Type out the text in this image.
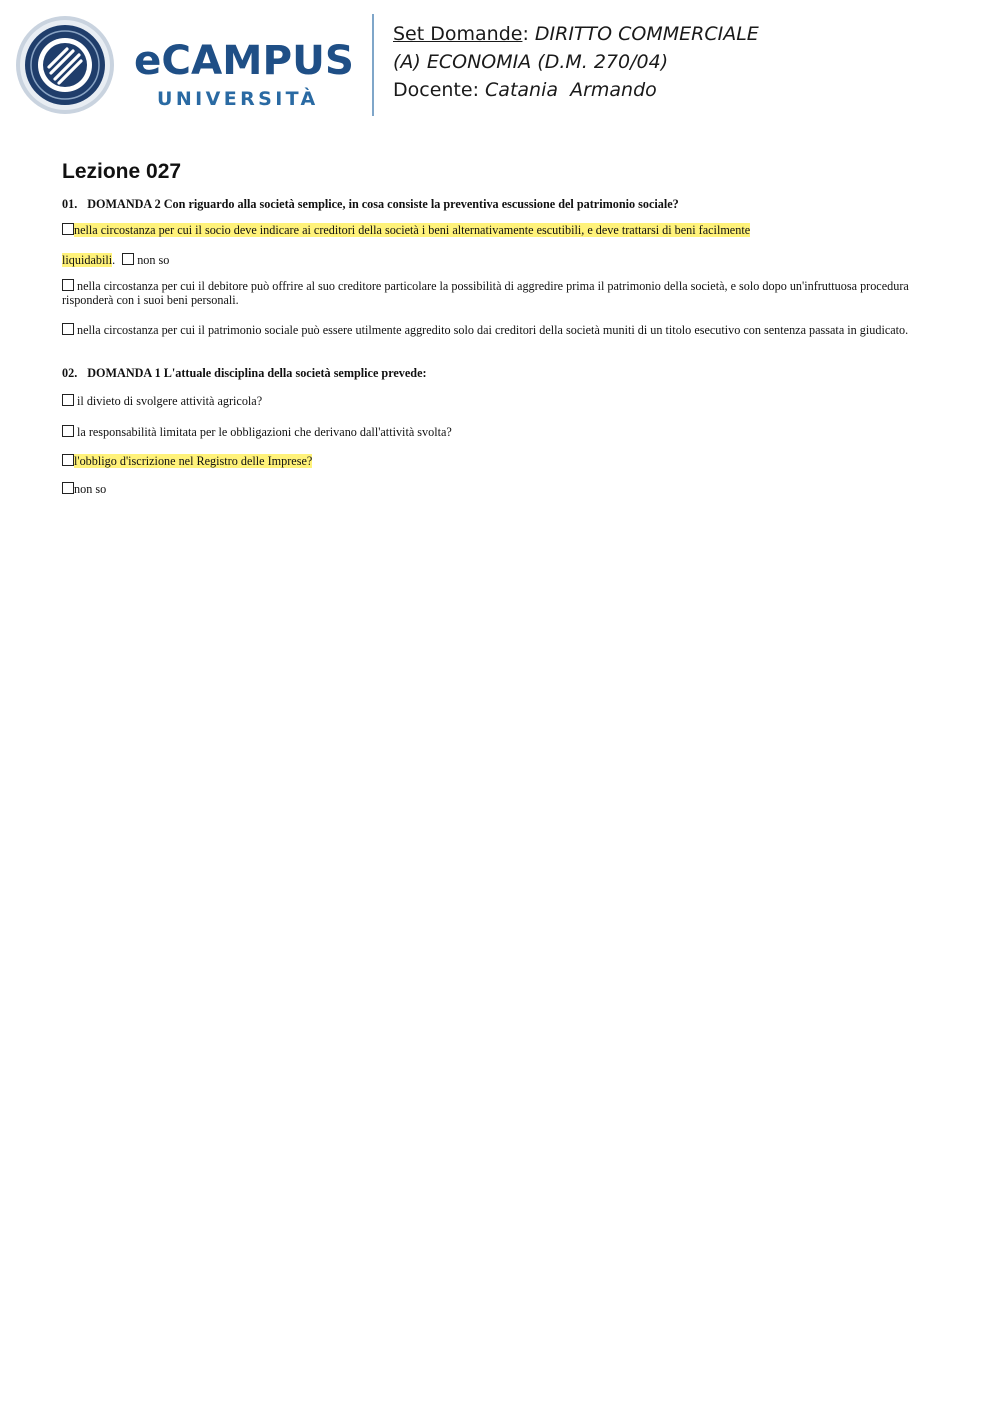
eCAMPUS
UNIVERSITÀ
Set Domande: DIRITTO COMMERCIALE
(A) ECONOMIA (D.M. 270/04)
Docente: Catania  Armando
Lezione 027
01. DOMANDA 2 Con riguardo alla società semplice, in cosa consiste la preventiva escussione del patrimonio sociale?
nella circostanza per cui il socio deve indicare ai creditori della società i beni alternativamente escutibili, e deve trattarsi di beni facilmente
liquidabili. non so
nella circostanza per cui il debitore può offrire al suo creditore particolare la possibilità di aggredire prima il patrimonio della società, e solo dopo un'infruttuosa procedura risponderà con i suoi beni personali.
nella circostanza per cui il patrimonio sociale può essere utilmente aggredito solo dai creditori della società muniti di un titolo esecutivo con sentenza passata in giudicato.
02. DOMANDA 1 L'attuale disciplina della società semplice prevede:
il divieto di svolgere attività agricola?
la responsabilità limitata per le obbligazioni che derivano dall'attività svolta?
l'obbligo d'iscrizione nel Registro delle Imprese?
non so
